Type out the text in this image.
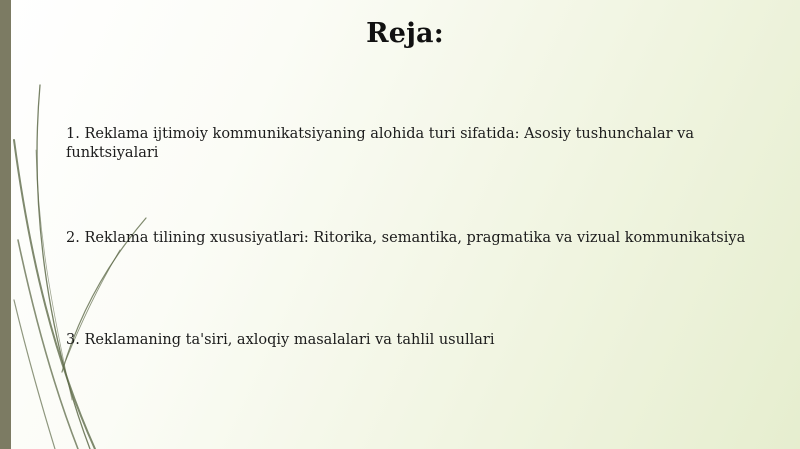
Reja:
1. Reklama ijtimoiy kommunikatsiyaning alohida turi sifatida: Asosiy tushunchalar va funktsiyalari
2. Reklama tilining xususiyatlari: Ritorika, semantika, pragmatika va vizual kommunikatsiya
3. Reklamaning ta'siri, axloqiy masalalari va tahlil usullari
